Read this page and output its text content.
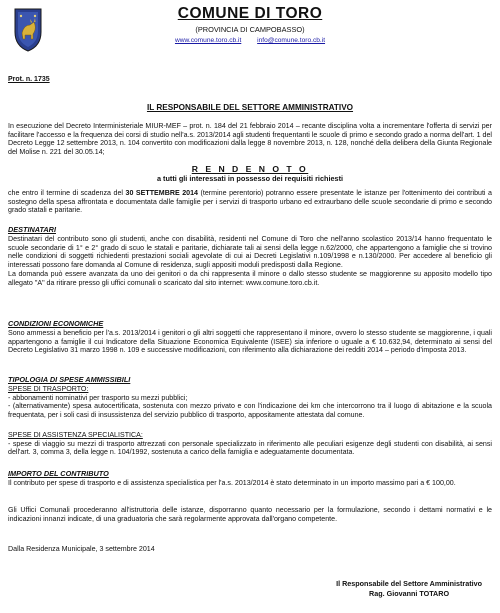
COMUNE DI TORO
(PROVINCIA DI CAMPOBASSO)
www.comune.toro.cb.it info@comune.toro.cb.it
Prot. n. 1735
IL RESPONSABILE DEL SETTORE AMMINISTRATIVO
In esecuzione del Decreto Interministeriale MIUR-MEF – prot. n. 184 del 21 febbraio 2014 – recante disciplina volta a incrementare l'offerta di servizi per facilitare l'accesso e la frequenza dei corsi di studio nell'a.s. 2013/2014 agli studenti frequentanti le scuole di primo e secondo grado a norma dell'art. 1 del Decreto Legge 12 settembre 2013, n. 104 convertito con modificazioni dalla legge 8 novembre 2013, n. 128, nonché della delibera della Giunta Regionale del Molise n. 221 del 30.05.14;
R E N D E N O T O
a tutti gli interessati in possesso dei requisiti richiesti
che entro il termine di scadenza del 30 SETTEMBRE 2014 (termine perentorio) potranno essere presentate le istanze per l'ottenimento dei contributi a sostegno della spesa affrontata e documentata dalle famiglie per i servizi di trasporto urbano ed extraurbano delle scuole secondarie di primo e secondo grado statali e paritarie.
DESTINATARI

Destinatari del contributo sono gli studenti, anche con disabilità, residenti nel Comune di Toro che nell'anno scolastico 2013/14 hanno frequentato le scuole secondarie di 1° e 2° grado di scuo le statali e paritarie, dichiarate tali ai sensi della legge n.62/2000, che appartengono a famiglie che si trovino nelle condizioni di soggetti richiedenti prestazioni sociali agevolate di cui ai Decreti Legislativi n.109/1998 e n.130/2000. Per accedere al beneficio gli interessati possono fare domanda al Comune di residenza, sugli appositi moduli predisposti dalla Regione.

La domanda può essere avanzata da uno dei genitori o da chi rappresenta il minore o dallo stesso studente se maggiorenne su apposito modello tipo allegato "A" da ritirare presso gli uffici comunali o scaricato dal sito internet: www.comune.toro.cb.it.

CONDIZIONI ECONOMICHE

Sono ammessi a beneficio per l'a.s. 2013/2014 i genitori o gli altri soggetti che rappresentano il minore, ovvero lo stesso studente se maggiorenne, i quali appartengono a famiglie il cui Indicatore della Situazione Economica Equivalente (ISEE) sia inferiore o uguale a € 10.632,94, determinato ai sensi del Decreto Legislativo 31 marzo 1998 n. 109 e successive modificazioni, con riferimento alla dichiarazione dei redditi 2014 – periodo d'imposta 2013.

TIPOLOGIA DI SPESE AMMISSIBILI
SPESE DI TRASPORTO:

- abbonamenti nominativi per trasporto su mezzi pubblici;

- (alternativamente) spesa autocertificata, sostenuta con mezzo privato e con l'indicazione dei km che intercorrono tra il luogo di abitazione e la scuola frequentata, per i soli casi di insussistenza del servizio pubblico di trasporto, appositamente attestata dal comune.

SPESE DI ASSISTENZA SPECIALISTICA:

- spese di viaggio su mezzi di trasporto attrezzati con personale specializzato in riferimento alle peculiari esigenze degli studenti con disabilità, ai sensi dell'art. 3, comma 3, della legge n. 104/1992, sostenuta a carico della famiglia e adeguatamente documentata.

IMPORTO DEL CONTRIBUTO

Il contributo per spese di trasporto e di assistenza specialistica per l'a.s. 2013/2014 è stato determinato in un importo massimo pari a € 100,00.

Gli Uffici Comunali procederanno all'istruttoria delle istanze, disporranno quanto necessario per la formulazione, secondo i dettami normativi e le indicazioni innanzi indicate, di una graduatoria che sarà regolarmente approvata dall'organo competente.
Dalla Residenza Municipale, 3 settembre 2014
Il Responsabile del Settore Amministrativo
Rag. Giovanni TOTARO
